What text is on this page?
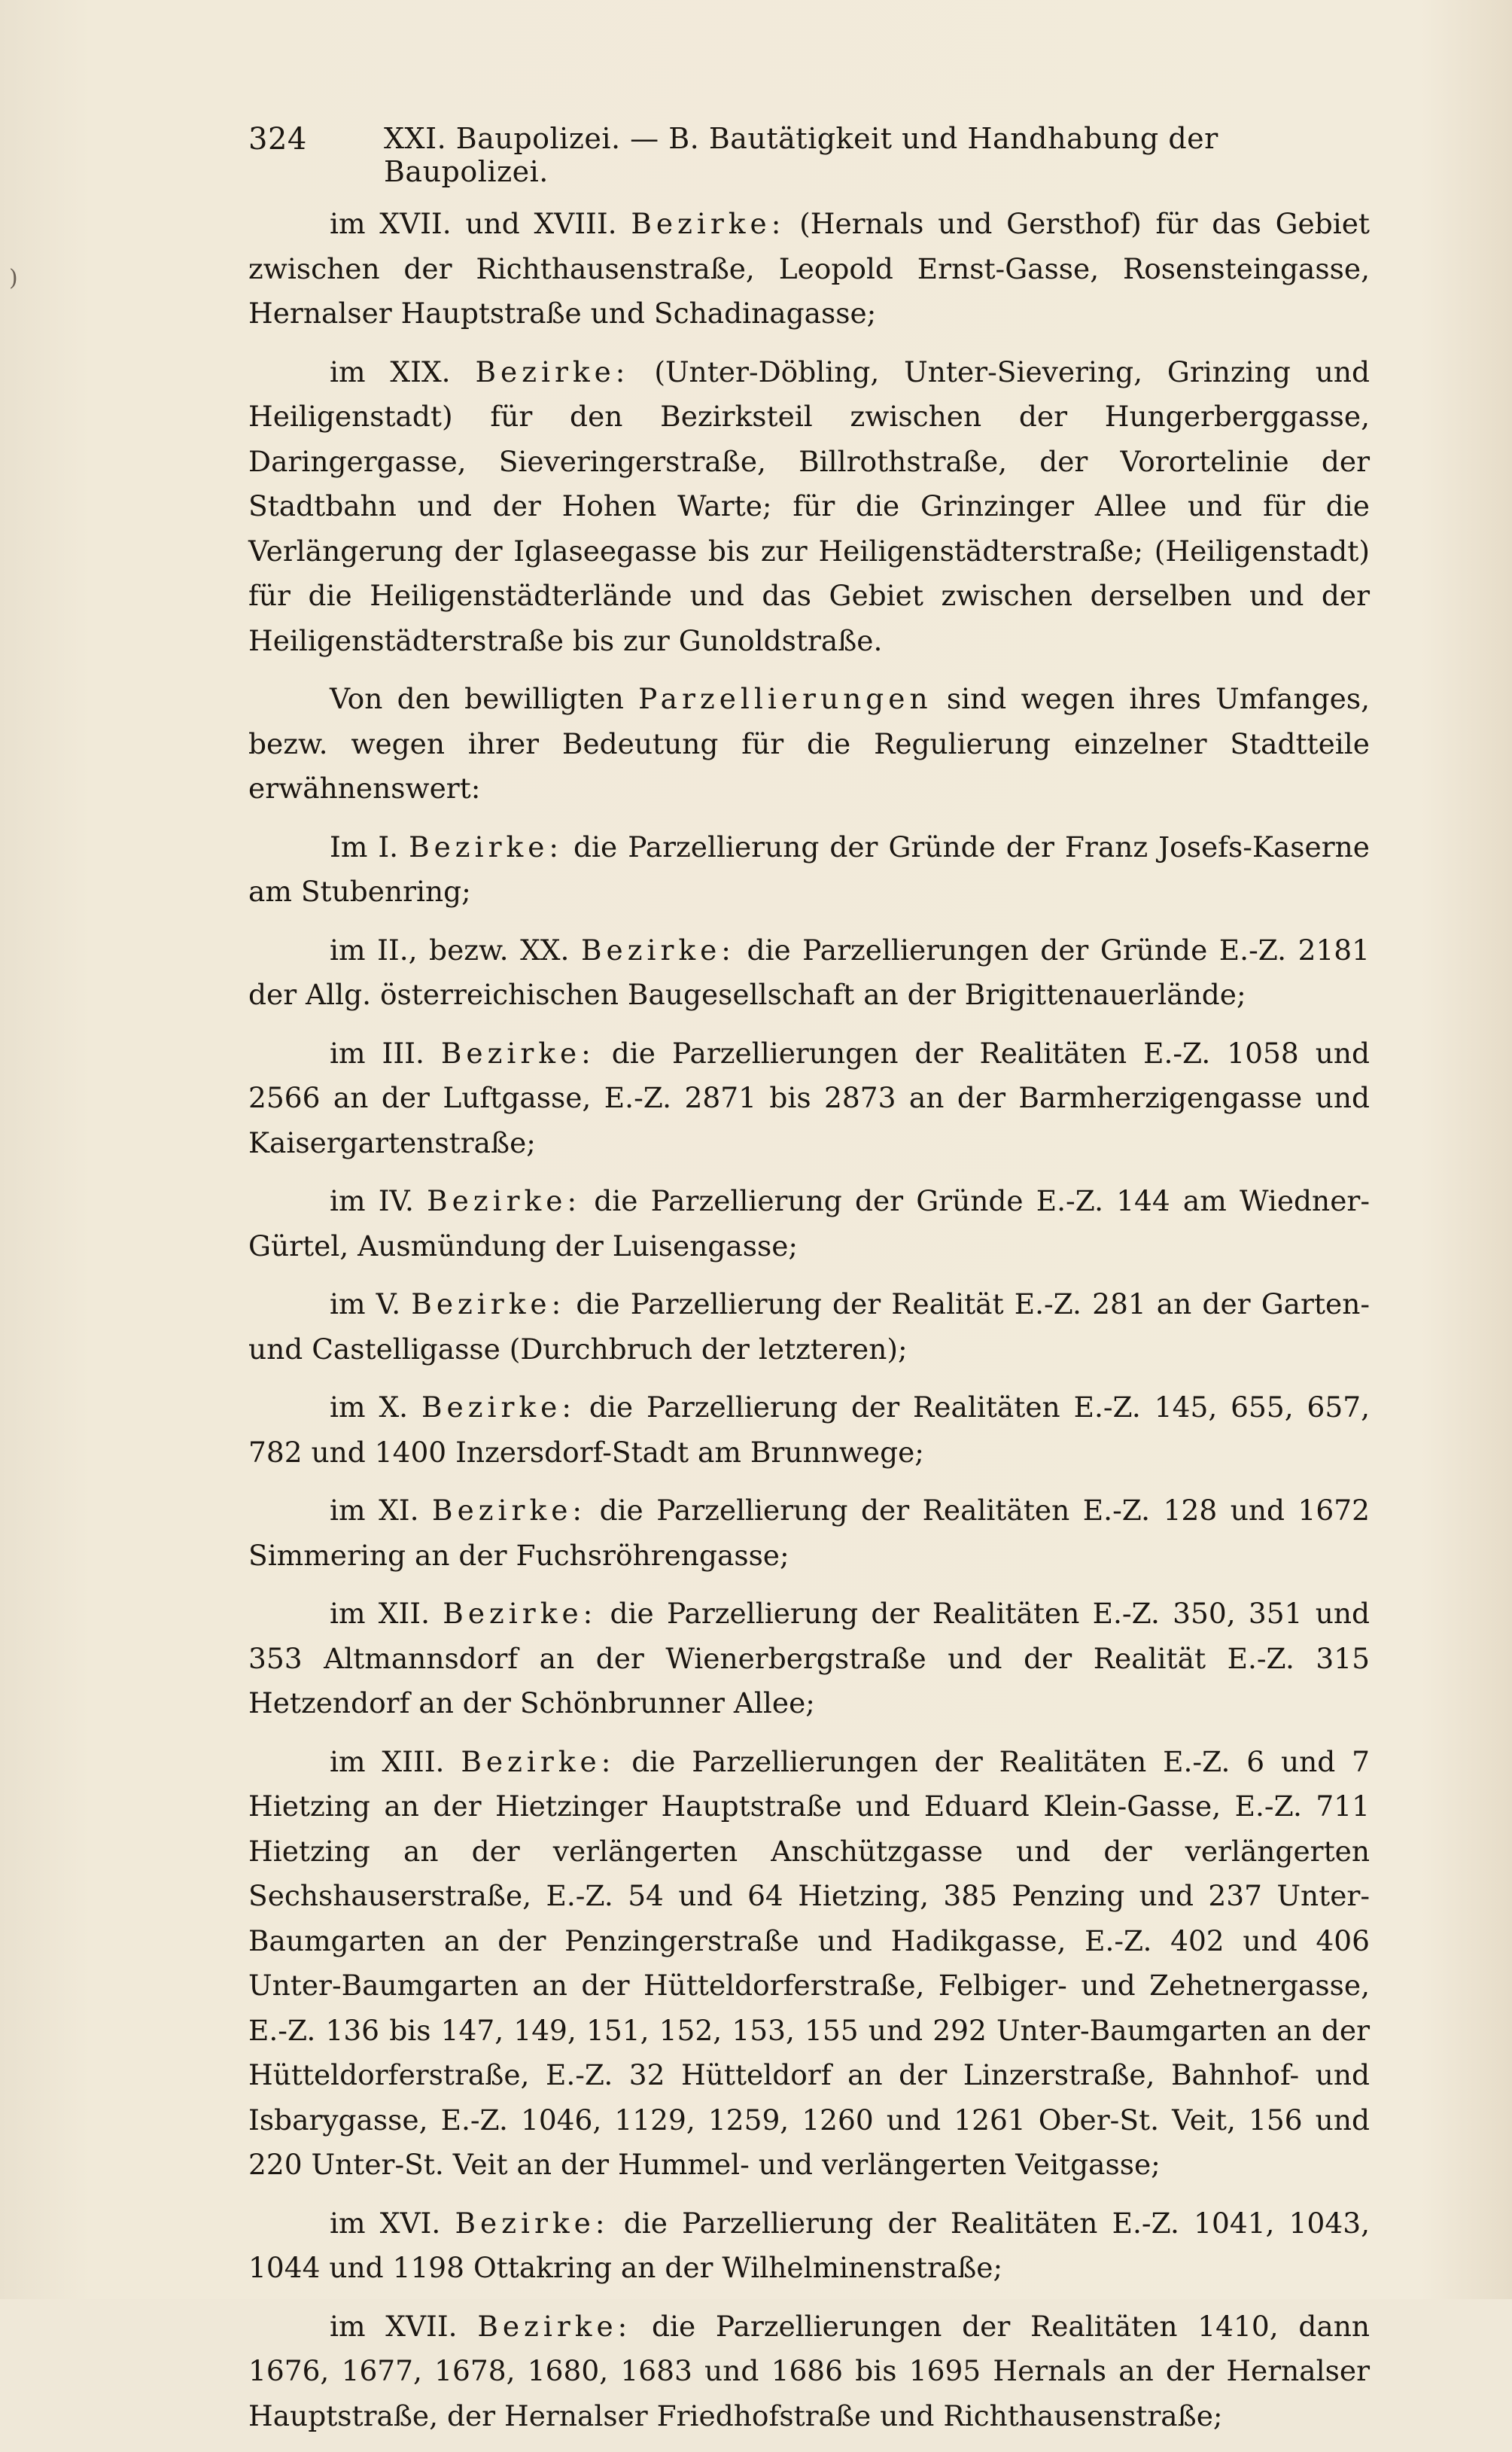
)
324	XXI. Baupolizei. — B. Bautätigkeit und Handhabung der Baupolizei.

im XVII. und XVIII. Bezirke: (Hernals und Gersthof) für das Gebiet zwischen der Richthausenstraße, Leopold Ernst-Gasse, Rosensteingasse, Hernalser Hauptstraße und Schadinagasse;

im XIX. Bezirke: (Unter-Döbling, Unter-Sievering, Grinzing und Heiligenstadt) für den Bezirksteil zwischen der Hungerberggasse, Daringergasse, Sieveringerstraße, Billrothstraße, der Vorortelinie der Stadtbahn und der Hohen Warte; für die Grinzinger Allee und für die Verlängerung der Iglaseegasse bis zur Heiligenstädterstraße; (Heiligenstadt) für die Heiligenstädterlände und das Gebiet zwischen derselben und der Heiligenstädterstraße bis zur Gunoldstraße.

Von den bewilligten Parzellierungen sind wegen ihres Umfanges, bezw. wegen ihrer Bedeutung für die Regulierung einzelner Stadtteile erwähnenswert:

Im I. Bezirke: die Parzellierung der Gründe der Franz Josefs-Kaserne am Stubenring;

im II., bezw. XX. Bezirke: die Parzellierungen der Gründe E.-Z. 2181 der Allg. österreichischen Baugesellschaft an der Brigittenauerlände;

im III. Bezirke: die Parzellierungen der Realitäten E.-Z. 1058 und 2566 an der Luftgasse, E.-Z. 2871 bis 2873 an der Barmherzigengasse und Kaisergartenstraße;

im IV. Bezirke: die Parzellierung der Gründe E.-Z. 144 am Wiedner-Gürtel, Ausmündung der Luisengasse;

im V. Bezirke: die Parzellierung der Realität E.-Z. 281 an der Garten- und Castelligasse (Durchbruch der letzteren);

im X. Bezirke: die Parzellierung der Realitäten E.-Z. 145, 655, 657, 782 und 1400 Inzersdorf-Stadt am Brunnwege;

im XI. Bezirke: die Parzellierung der Realitäten E.-Z. 128 und 1672 Simmering an der Fuchsröhrengasse;

im XII. Bezirke: die Parzellierung der Realitäten E.-Z. 350, 351 und 353 Altmannsdorf an der Wienerbergstraße und der Realität E.-Z. 315 Hetzendorf an der Schönbrunner Allee;

im XIII. Bezirke: die Parzellierungen der Realitäten E.-Z. 6 und 7 Hietzing an der Hietzinger Hauptstraße und Eduard Klein-Gasse, E.-Z. 711 Hietzing an der verlängerten Anschützgasse und der verlängerten Sechshauserstraße, E.-Z. 54 und 64 Hietzing, 385 Penzing und 237 Unter-Baumgarten an der Penzingerstraße und Hadikgasse, E.-Z. 402 und 406 Unter-Baumgarten an der Hütteldorferstraße, Felbiger- und Zehetnergasse, E.-Z. 136 bis 147, 149, 151, 152, 153, 155 und 292 Unter-Baumgarten an der Hütteldorferstraße, E.-Z. 32 Hütteldorf an der Linzerstraße, Bahnhof- und Isbarygasse, E.-Z. 1046, 1129, 1259, 1260 und 1261 Ober-St. Veit, 156 und 220 Unter-St. Veit an der Hummel- und verlängerten Veitgasse;

im XVI. Bezirke: die Parzellierung der Realitäten E.-Z. 1041, 1043, 1044 und 1198 Ottakring an der Wilhelminenstraße;

im XVII. Bezirke: die Parzellierungen der Realitäten 1410, dann 1676, 1677, 1678, 1680, 1683 und 1686 bis 1695 Hernals an der Hernalser Hauptstraße, der Hernalser Friedhofstraße und Richthausenstraße;
